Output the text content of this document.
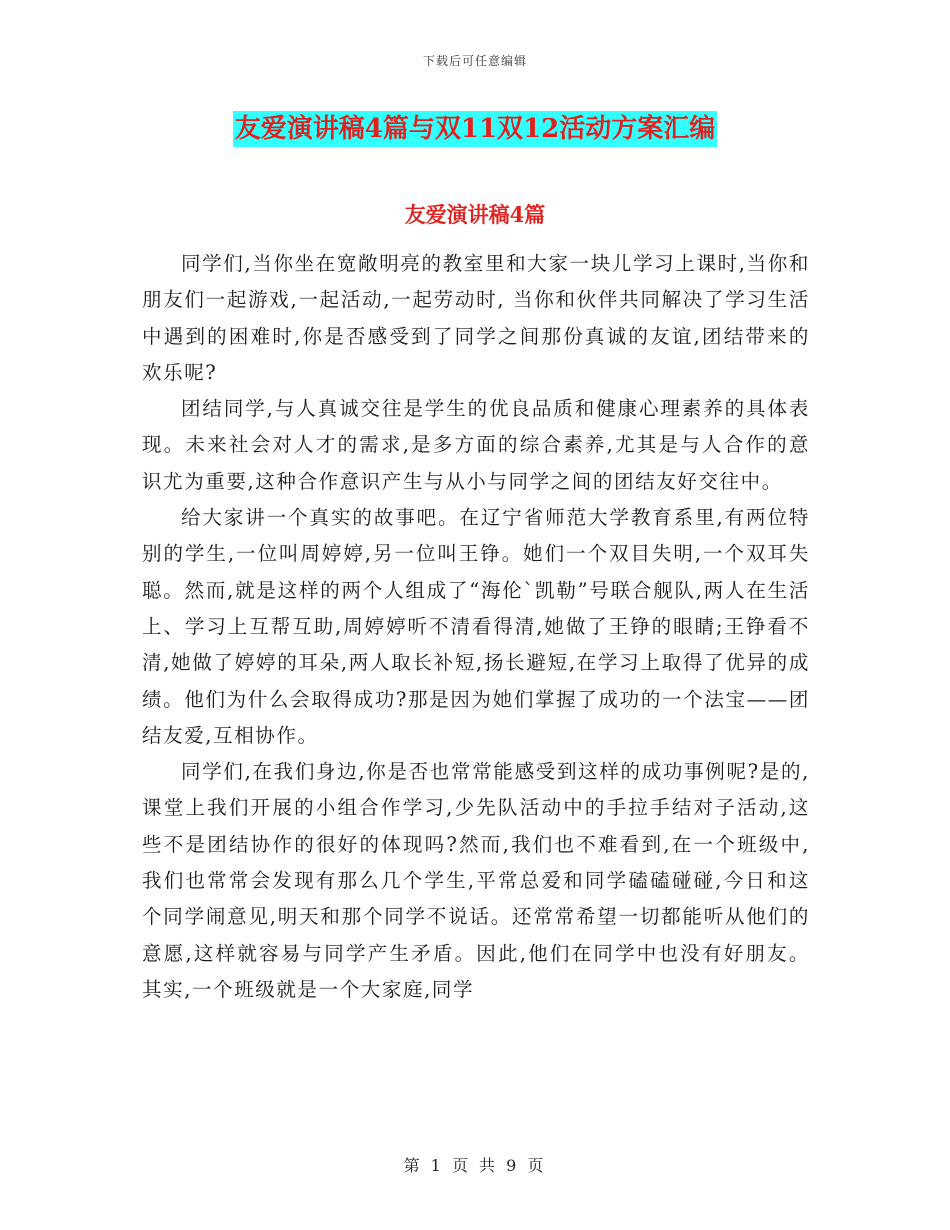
下载后可任意编辑
友爱演讲稿4篇与双11双12活动方案汇编
友爱演讲稿4篇

同学们,当你坐在宽敞明亮的教室里和大家一块儿学习上课时,当你和朋友们一起游戏,一起活动,一起劳动时, 当你和伙伴共同解决了学习生活中遇到的困难时,你是否感受到了同学之间那份真诚的友谊,团结带来的欢乐呢?

团结同学,与人真诚交往是学生的优良品质和健康心理素养的具体表现。未来社会对人才的需求,是多方面的综合素养,尤其是与人合作的意识尤为重要,这种合作意识产生与从小与同学之间的团结友好交往中。

给大家讲一个真实的故事吧。在辽宁省师范大学教育系里,有两位特别的学生,一位叫周婷婷,另一位叫王铮。她们一个双目失明,一个双耳失聪。然而,就是这样的两个人组成了“海伦`凯勒”号联合舰队,两人在生活上、学习上互帮互助,周婷婷听不清看得清,她做了王铮的眼睛;王铮看不清,她做了婷婷的耳朵,两人取长补短,扬长避短,在学习上取得了优异的成绩。他们为什么会取得成功?那是因为她们掌握了成功的一个法宝——团结友爱,互相协作。

同学们,在我们身边,你是否也常常能感受到这样的成功事例呢?是的,课堂上我们开展的小组合作学习,少先队活动中的手拉手结对子活动,这些不是团结协作的很好的体现吗?然而,我们也不难看到,在一个班级中,我们也常常会发现有那么几个学生,平常总爱和同学磕磕碰碰,今日和这个同学闹意见,明天和那个同学不说话。还常常希望一切都能听从他们的意愿,这样就容易与同学产生矛盾。因此,他们在同学中也没有好朋友。其实,一个班级就是一个大家庭,同学

第 1 页 共 9 页
